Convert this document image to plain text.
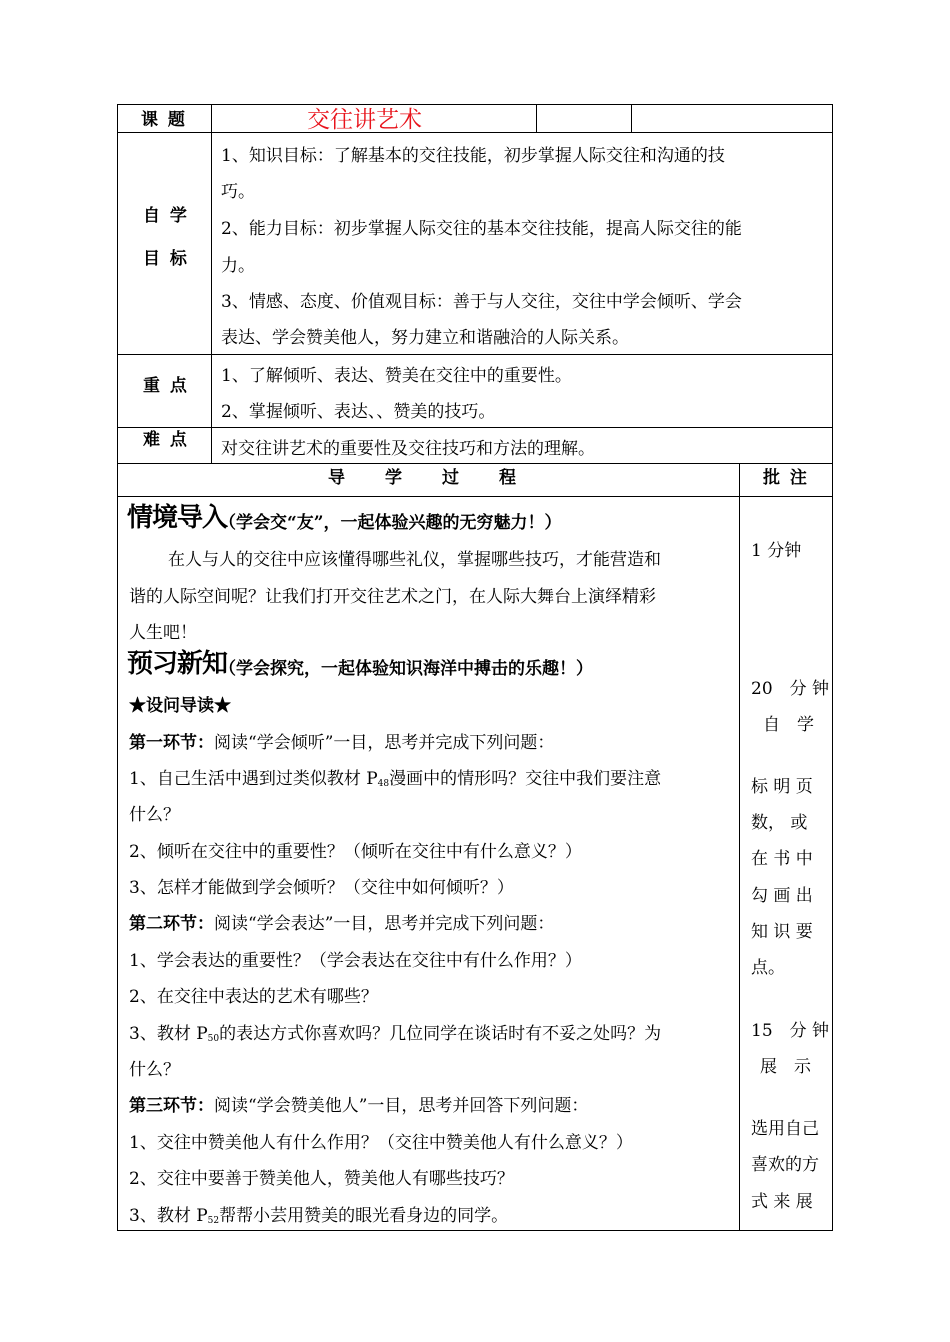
课 题	交往讲艺术
自 学
目 标
1、知识目标：了解基本的交往技能，初步掌握人际交往和沟通的技
巧。
2、能力目标：初步掌握人际交往的基本交往技能，提高人际交往的能
力。
3、情感、态度、价值观目标：善于与人交往，交往中学会倾听、学会
表达、学会赞美他人，努力建立和谐融洽的人际关系。
重 点 1、了解倾听、表达、赞美在交往中的重要性。
2、掌握倾听、表达、、赞美的技巧。
难 点 对交往讲艺术的重要性及交往技巧和方法的理解。
导　　学　　过　　程	批 注
情境导入
（学会交“友”，一起体验兴趣的无穷魅力！）
在人与人的交往中应该懂得哪些礼仪，掌握哪些技巧，才能营造和
谐的人际空间呢？让我们打开交往艺术之门，在人际大舞台上演绎精彩
人生吧！
预习新知
（学会探究，一起体验知识海洋中搏击的乐趣！）
★设问导读★
第一环节：阅读“学会倾听”一目，思考并完成下列问题：
1、自己生活中遇到过类似教材 $P_{48}$漫画中的情形吗？交往中我们要注意
什么？
2、倾听在交往中的重要性？（倾听在交往中有什么意义？）
3、怎样才能做到学会倾听？（交往中如何倾听？）
第二环节：阅读“学会表达”一目，思考并完成下列问题：
1、学会表达的重要性？（学会表达在交往中有什么作用？）
2、在交往中表达的艺术有哪些？
3、教材 $P_{50}$的表达方式你喜欢吗？几位同学在谈话时有不妥之处吗？为
什么？
第三环节：阅读“学会赞美他人”一目，思考并回答下列问题：
1、交往中赞美他人有什么作用？（交往中赞美他人有什么意义？）
2、交往中要善于赞美他人，赞美他人有哪些技巧？
3、教材 $P_{52}$帮帮小芸用赞美的眼光看身边的同学。
1 分钟
20　分 钟
自　学
标 明 页
数， 或
在 书 中
勾 画 出
知 识 要
点。
15　分 钟
展　示
选用自己
喜欢的方
式 来 展
